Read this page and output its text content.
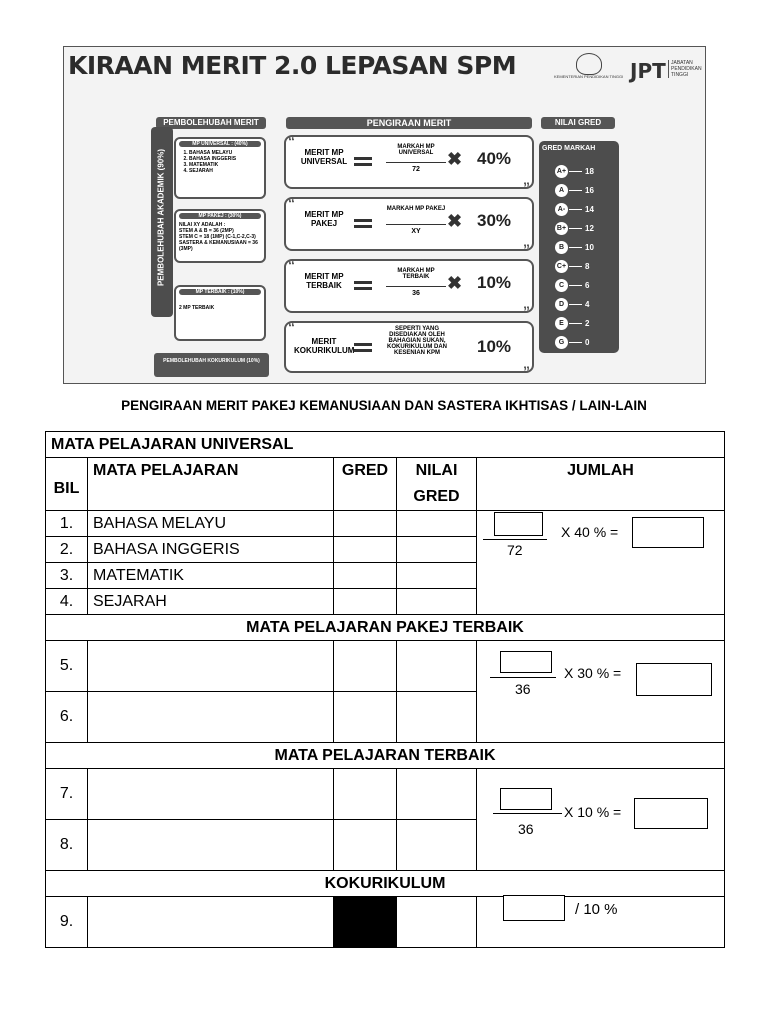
KIRAAN MERIT 2.0 LEPASAN SPM	KEMENTERIAN PENDIDIKAN TINGGI JPT	JABATAN PENDIDIKAN TINGGI
PEMBOLEHUBAH MERIT
PEMBOLEHUBAH AKADEMIK (90%)
MP UNIVERSAL : (40%)
1. BAHASA MELAYU
2. BAHASA INGGERIS
3. MATEMATIK
4. SEJARAH
MP PAKEJ : (30%)
NILAI XY ADALAH :
STEM A & B = 36 (2MP)
STEM C = 18 (1MP) (C-1,C-2,C-3)
SASTERA & KEMANUSIAAN = 36 (3MP)
MP TERBAIK : (10%)
2 MP TERBAIK
PEMBOLEHUBAH KOKURIKULUM (10%)
PENGIRAAN MERIT
“
MERIT MP UNIVERSAL
MARKAH MP UNIVERSAL
72
✖ 40%
”
“
MERIT MP PAKEJ
MARKAH MP PAKEJ
XY
✖ 30%
”
“
MERIT MP TERBAIK
MARKAH MP TERBAIK
36
✖ 10%
”
“
MERIT KOKURIKULUM
SEPERTI YANG DISEDIAKAN OLEH BAHAGIAN SUKAN, KOKURIKULUM DAN KESENIAN KPM	10%
”
NILAI GRED
GRED MARKAH
A+ 18
A	16
A-	14
B+ 12
B	10
C+ 8
C	6
D	4
E	2
G	0
PENGIRAAN MERIT PAKEJ KEMANUSIAAN DAN SASTERA IKHTISAS / LAIN-LAIN
MATA PELAJARAN UNIVERSAL				
BIL	MATA PELAJARAN	GRED	NILAI
GRED	JUMLAH
1.	BAHASA MELAYU			72
X 40 % =

2.	BAHASA INGGERIS			
3.	MATEMATIK			
4.	SEJARAH			
MATA PELAJARAN PAKEJ TERBAIK				
5.				36
X 30 % =

6.				
MATA PELAJARAN TERBAIK				
7.				36
X 10 % =

8.				
KOKURIKULUM				
9.				/ 10 %
